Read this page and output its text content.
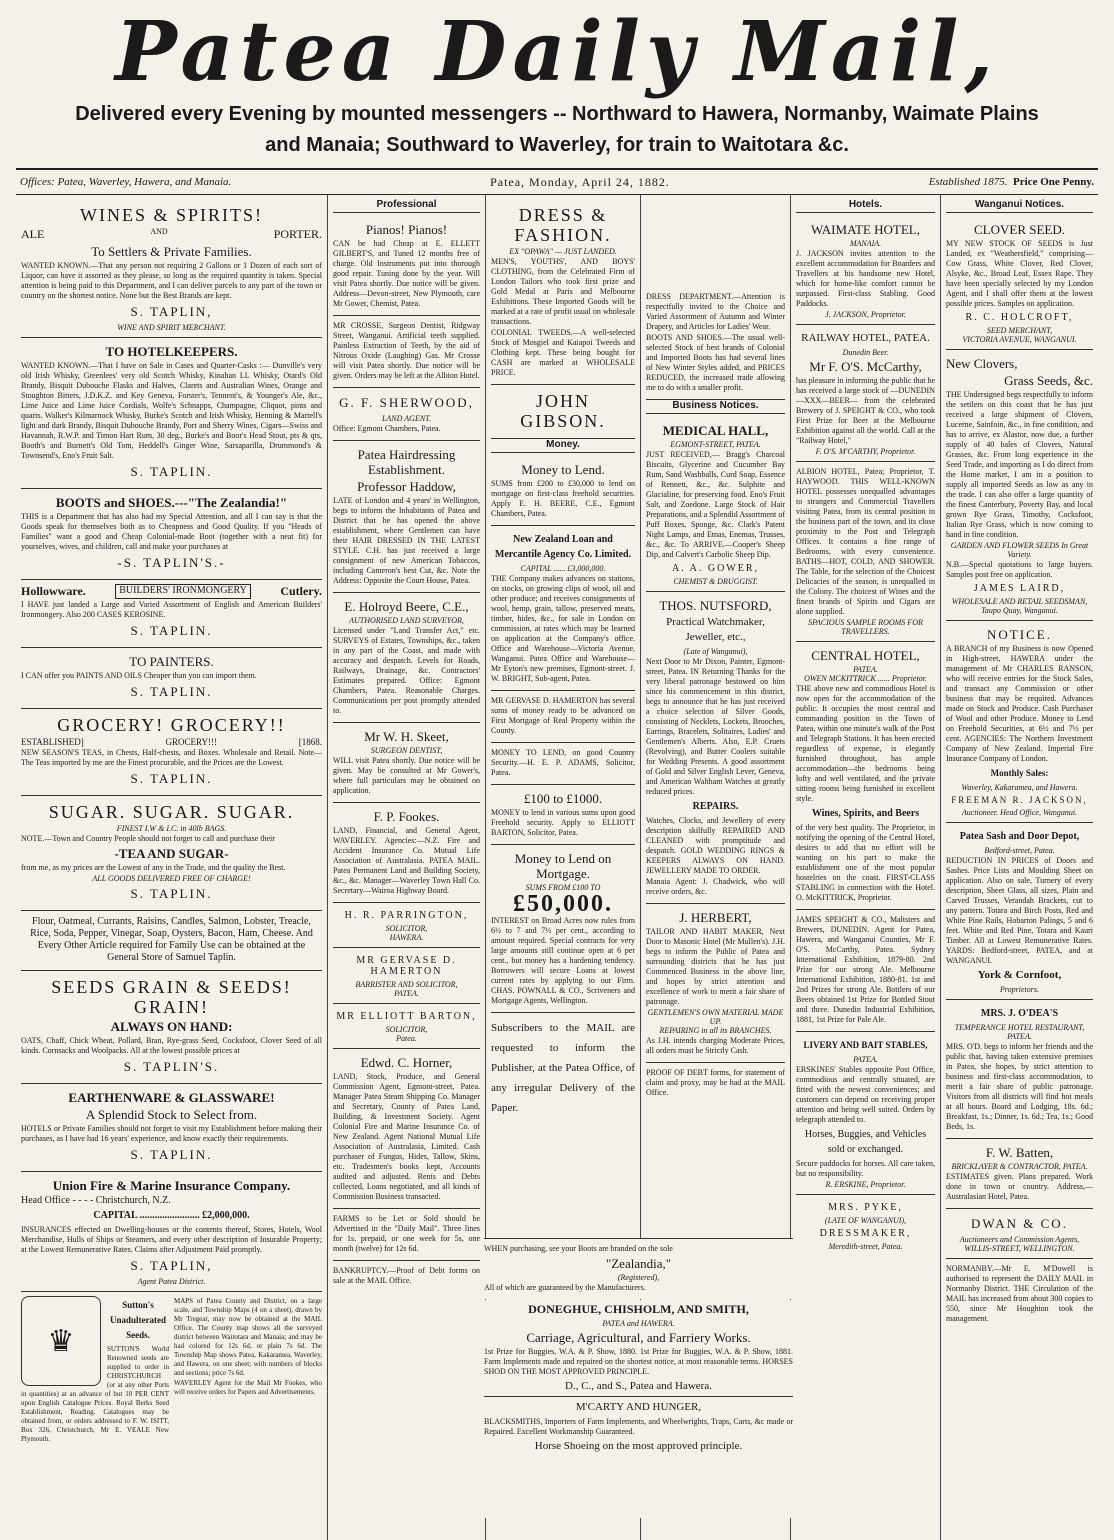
Patea Daily Mail,
Delivered every Evening by mounted messengers -- Northward to Hawera, Normanby, Waimate Plains
and Manaia; Southward to Waverley, for train to Waitotara &c.
Offices: Patea, Waverley, Hawera, and Manaia.	Patea, Monday, April 24, 1882.	Established 1875. Price One Penny.
WINES & SPIRITS!
ALE	AND	PORTER.
To Settlers & Private Families.

WANTED KNOWN.—That any person not requiring 2 Gallons or 1 Dozen of each sort of Liquor, can have it assorted as they please, so long as the required quantity is taken. Special attention is being paid to this Department, and I can deliver parcels to any part of the town or country on the shortest notice. None but the Best Brands are kept.

S. TAPLIN,
WINE AND SPIRIT MERCHANT.
TO HOTELKEEPERS.

WANTED KNOWN.—That I have on Sale in Cases and Quarter-Casks :— Dunville's very old Irish Whisky, Greenlees' very old Scotch Whisky, Kinahan LL Whisky, Otard's Old Brandy, Bisquit Dubouche Flasks and Halves, Clarets and Australian Wines, Orange and Stoughton Bitters, J.D.K.Z. and Key Geneva, Forster's, Tennent's, & Younger's Ale, &c., Lime Juice and Lime Juice Cordials, Wolfe's Schnapps, Champagne, Cliquot, pints and quarts. Walker's Kilmarnock Whisky, Burke's Scotch and Irish Whisky, Henning & Martell's light and dark Brandy, Bisquit Dubouche Brandy, Port and Sherry Wines, Cigars—Swiss and Havannah, R.W.P. and Timon Hart Rum, 30 deg., Burke's and Boor's Head Stout, pts & qts, Booth's and Burnett's Old Tom, Heddell's Ginger Wine, Sarsaparilla, Drummond's & Townsend's, Eno's Fruit Salt.

S. TAPLIN.
BOOTS and SHOES.---"The Zealandia!"

THIS is a Department that has also had my Special Attention, and all I can say is that the Goods speak for themselves both as to Cheapness and Good Quality. If you "Heads of Families" want a good and Cheap Colonial-made Boot (together with a neat fit) for yourselves, wives, and children, call and make your purchases at

-S. TAPLIN'S.-
Hollowware.	BUILDERS' IRONMONGERY	Cutlery.

I HAVE just landed a Large and Varied Assortment of English and American Builders' Ironmongery. Also 200 CASES KEROSINE.

S. TAPLIN.
TO PAINTERS.

I CAN offer you PAINTS AND OILS Cheaper than you can import them.

S. TAPLIN.
GROCERY! GROCERY!!
ESTABLISHED]	GROCERY!!!	[1868.

NEW SEASON'S TEAS, in Chests, Half-chests, and Boxes. Wholesale and Retail. Note—The Teas imported by me are the Finest procurable, and the Prices are the Lowest.

S. TAPLIN.
SUGAR. SUGAR. SUGAR.
FINEST I.W & I.C. in 40lb BAGS.

NOTE.—Town and Country People should not forget to call and purchase their

-TEA AND SUGAR-

from me, as my prices are the Lowest of any in the Trade, and the quality the Best.

ALL GOODS DELIVERED FREE OF CHARGE!
S. TAPLIN.

Flour, Oatmeal, Currants, Raisins, Candles, Salmon, Lobster, Treacle, Rice, Soda, Pepper, Vinegar, Soap, Oysters, Bacon, Ham, Cheese. And Every Other Article required for Family Use can be obtained at the General Store of Samuel Taplin.

SEEDS GRAIN & SEEDS! GRAIN!
ALWAYS ON HAND:

OATS, Chaff, Chick Wheat, Pollard, Bran, Rye-grass Seed, Cocksfoot, Clover Seed of all kinds. Cornsacks and Woolpacks. All at the lowest possible prices at

S. TAPLIN'S.
EARTHENWARE & GLASSWARE!
A Splendid Stock to Select from.

HOTELS or Private Families should not forget to visit my Establishment before making their purchases, as I have had 16 years' experience, and know exactly their requirements.

S. TAPLIN.
Union Fire & Marine Insurance Company.
Head Office - - - - Christchurch, N.Z.
CAPITAL ........................ £2,000,000.

INSURANCES effected on Dwelling-houses or the contents thereof, Stores, Hotels, Wool Merchandise, Hulls of Ships or Steamers, and every other description of Insurable Property; at the Lowest Remunerative Rates. Claims after Adjustment Paid promptly.

S. TAPLIN,
Agent Patea District.
♛
Sutton's Unadulterated Seeds.

SUTTON'S World Renowned seeds are supplied to order in CHRISTCHURCH (or at any other Ports in quantities) at an advance of but 10 PER CENT upon English Catalogue Prices. Royal Berks Seed Establishment, Reading. Catalogues may be obtained from, or orders addressed to F. W. ISITT, Box 326, Christchurch, Mr E. VEALE New Plymouth.

MAPS of Patea County and District, on a large scale, and Township Maps (4 on a sheet), drawn by Mr Tregear, may now be obtained at the MAIL Office. The County map shows all the surveyed district between Waitotara and Manaia; and may be had colored for 12s 6d, or plain 7s 6d. The Township Map shows Patea, Kakaramea, Waverley, and Hawera, on one sheet; with numbers of blocks and sections; price 7s 6d.

WAVERLEY Agent for the Mail Mr Fookes, who will receive orders for Papers and Advertisements.

Professional
Pianos! Pianos!

CAN be had Cheap at E. ELLETT GILBERT'S, and Tuned 12 months free of charge. Old Instruments put into thorough good repair. Tuning done by the year. Will visit Patea shortly. Due notice will be given. Address—Devon-street, New Plymouth, care Mr Gower, Chemist, Patea.

MR CROSSE, Surgeon Dentist, Ridgway Street, Wanganui. Artificial teeth supplied. Painless Extraction of Teeth, by the aid of Nitrous Oxide (Laughing) Gas. Mr Crosse will visit Patea shortly. Due notice will be given. Orders may be left at the Albion Hotel.

G. F. SHERWOOD,
LAND AGENT.

Office: Egmont Chambers, Patea.

Patea Hairdressing Establishment.
Professor Haddow,

LATE of London and 4 years' in Wellington, begs to inform the Inhabitants of Patea and District that he has opened the above establishment, where Gentlemen can have their HAIR DRESSED IN THE LATEST STYLE. C.H. has just received a large consignment of new American Tobaccos, including Cameron's best Cut, &c. Note the Address: Opposite the Court House, Patea.

E. Holroyd Beere, C.E.,
AUTHORISED LAND SURVEYOR,

Licensed under "Land Transfer Act," etc. SURVEYS of Estates, Townships, &c., taken in any part of the Coast, and made with accuracy and despatch. Levels for Roads, Railways, Drainage, &c. Contractors' Estimates prepared. Office: Egmont Chambers, Patea. Reasonable Charges. Communications per post promptly attended to.

Mr W. H. Skeet,
SURGEON DENTIST,

WILL visit Patea shortly. Due notice will be given. May be consulted at Mr Gower's, where full particulars may be obtained on application.

F. P. Fookes.

LAND, Financial, and General Agent, WAVERLEY. Agencies:—N.Z. Fire and Accident Insurance Co. Mutual Life Association of Australasia. PATEA MAIL. Patea Permanent Land and Building Society, &c., &c. Manager—Waverley Town Hall Co. Secretary—Wairoa Highway Board.

H. R. PARRINGTON,
SOLICITOR,
HAWERA.
MR GERVASE D. HAMERTON
BARRISTER AND SOLICITOR,
PATEA.
MR ELLIOTT BARTON,
SOLICITOR,
Patea.
Edwd. C. Horner,

LAND, Stock, Produce, and General Commission Agent, Egmont-street, Patea. Manager Patea Steam Shipping Co. Manager and Secretary, County of Patea Land, Building, & Investment Society. Agent Colonial Fire and Marine Insurance Co. of New Zealand. Agent National Mutual Life Association of Australasia, Limited. Cash purchaser of Fungus, Hides, Tallow, Skins, etc. Tradesmen's books kept, Accounts audited and adjusted. Rents and Debts collected, Loans negotiated, and all kinds of Commission Business transacted.

FARMS to be Let or Sold should be Advertised in the "Daily Mail". Three lines for 1s. prepaid, or one week for 5s, one month (twelve) for 12s 6d.

BANKRUPTCY.—Proof of Debt forms on sale at the MAIL Office.

DRESS & FASHION.
EX "OPAWA" — JUST LANDED.

MEN'S, YOUTHS', AND BOYS' CLOTHING, from the Celebrated Firm of London Tailors who took first prize and Gold Medal at Paris and Melbourne Exhibitions. These Imported Goods will be marked at a rate of profit usual on wholesale transactions.

COLONIAL TWEEDS.—A well-selected Stock of Mosgiel and Kaiapoi Tweeds and Clothing kept. These being bought for CASH are marked at WHOLESALE PRICE.

JOHN GIBSON.
Money.
Money to Lend.

SUMS from £200 to £30,000 to lend on mortgage on first-class freehold securities. Apply E. H. BEERE, C.E., Egmont Chambers, Patea.

New Zealand Loan and Mercantile Agency Co. Limited.
CAPITAL ...... £3,000,000.

THE Company makes advances on stations, on stocks, on growing clips of wool, oil and other produce; and receives consignments of wool, hemp, grain, tallow, preserved meats, timber, hides, &c., for sale in London on commission, at rates which may be learned on application at the Company's office. Office and Warehouse—Victoria Avenue, Wanganui. Patea Office and Warehouse—Mr Eyton's new premises, Egmont-street. J. W. BRIGHT, Sub-agent, Patea.

MR GERVASE D. HAMERTON has several sums of money ready to be advanced on First Mortgage of Real Property within the County.

MONEY TO LEND, on good Country Security.—H. E. P. ADAMS, Solicitor, Patea.

£100 to £1000.

MONEY to lend in various sums upon good Freehold security. Apply to ELLIOTT BARTON, Solicitor, Patea.

Money to Lend on Mortgage.
SUMS FROM £100 TO
£50,000.

INTEREST on Broad Acres now rules from 6½ to 7 and 7½ per cent., according to amount required. Special contracts for very large amounts still continue open at 6 per cent., but money has a hardening tendency. Borrowers will secure Loans at lowest current rates by applying to our Firm. CHAS. POWNALL & CO., Scriveners and Mortgage Agents, Wellington.

Subscribers to the MAIL are requested to inform the Publisher, at the Patea Office, of any irregular Delivery of the Paper.

DRESS DEPARTMENT.—Attention is respectfully invited to the Choice and Varied Assortment of Autumn and Winter Drapery, and Articles for Ladies' Wear.

BOOTS AND SHOES.—The usual well-selected Stock of best brands of Colonial and Imported Boots has had several lines of New Winter Styles added, and PRICES REDUCED, the increased trade allowing me to do with a smaller profit.

Business Notices.
MEDICAL HALL,
EGMONT-STREET, PATEA.

JUST RECEIVED,— Bragg's Charcoal Biscuits, Glycerine and Cucumber Bay Rum, Sand Washballs, Curd Soap, Essence of Rennett, &c., &c. Sulphite and Glacialine, for preserving food. Eno's Fruit Salt, and Zoedone. Large Stock of Hair Preparations, and a Splendid Assortment of Puff Boxes, Sponge, &c. Clark's Patent Night Lamps, and Etnas, Enemas, Trusses, &c., &c. To ARRIVE.—Cooper's Sheep Dip, and Calvert's Carbolic Sheep Dip.

A. A. GOWER,
CHEMIST & DRUGGIST.
THOS. NUTSFORD,
Practical Watchmaker, Jeweller, etc.,
(Late of Wanganui),

Next Door to Mr Dixon, Painter, Egmont-street, Patea. IN Returning Thanks for the very liberal patronage bestowed on him since his commencement in this district, begs to announce that he has just received a choice selection of Silver Goods, consisting of Necklets, Lockets, Brooches, Earrings, Bracelets, Solitaires, Ladies' and Gentlemen's Alberts. Also, E.P. Cruets (Revolving), and Butter Coolers suitable for Wedding Presents. A good assortment of Gold and Silver English Lever, Geneva, and American Waltham Watches at greatly reduced prices.

REPAIRS.

Watches, Clocks, and Jewellery of every description skilfully REPAIRED AND CLEANED with promptitude and despatch. GOLD WEDDING RINGS & KEEPERS ALWAYS ON HAND. JEWELLERY MADE TO ORDER.

Manaia Agent: J. Chadwick, who will receive orders, &c.

J. HERBERT,

TAILOR AND HABIT MAKER, Next Door to Masonic Hotel (Mr Mullen's). J.H. begs to inform the Public of Patea and surrounding districts that he has just Commenced Business in the above line, and hopes by strict attention and excellence of work to merit a fair share of patronage.

GENTLEMEN'S OWN MATERIAL MADE UP.
REPAIRING in all its BRANCHES.

As J.H. intends charging Moderate Prices, all orders must be Strictly Cash.

PROOF OF DEBT forms, for statement of claim and proxy, may be had at the MAIL Office.

Hotels.
WAIMATE HOTEL,
MANAIA.

J. JACKSON invites attention to the excellent accommodation for Boarders and Travellers at his handsome new Hotel, which for home-like comfort cannot be surpassed. First-class Stabling. Good Paddocks.

J. JACKSON, Proprietor.
RAILWAY HOTEL, PATEA.
Dunedin Beer.
Mr F. O'S. McCarthy,

has pleasure in informing the public that he has received a large stock of —DUNEDIN—XXX—BEER— from the celebrated Brewery of J. SPEIGHT & CO., who took First Prize for Beer at the Melbourne Exhibition against all the world. Call at the "Railway Hotel,"

F. O'S. M'CARTHY, Proprietor.

ALBION HOTEL, Patea; Proprietor, T. HAYWOOD. THIS WELL-KNOWN HOTEL possesses unequalled advantages to strangers and Commercial Travellers visiting Patea, from its central position in the business part of the town, and its close proximity to the Post and Telegraph Offices. It contains a fine range of Bedrooms, with every convenience. BATHS—HOT, COLD, AND SHOWER. The Table, for the selection of the Choicest Delicacies of the season, is unequalled in the Colony. The choicest of Wines and the finest brands of Spirits and Cigars are alone supplied.

SPACIOUS SAMPLE ROOMS FOR TRAVELLERS.
CENTRAL HOTEL,
PATEA.
OWEN MCKITTRICK ...... Proprietor.

THE above new and commodious Hotel is now open for the accommodation of the public. It occupies the most central and commanding position in the Town of Patea, within one minute's walk of the Post and Telegraph Stations. It has been erected regardless of expense, is elegantly furnished throughout, has ample accommodation—the bedrooms being lofty and well ventilated, and the private sitting rooms being furnished in excellent style.

Wines, Spirits, and Beers

of the very best quality. The Proprietor, in notifying the opening of the Central Hotel, desires to add that no effort will be wanting on his part to make the establishment one of the most popular hostelries on the coast. FIRST-CLASS STABLING in connection with the Hotel. O. McKITTRICK, Proprietor.

JAMES SPEIGHT & CO., Maltsters and Brewers, DUNEDIN. Agent for Patea, Hawera, and Wanganui Counties, Mr F. O'S. McCarthy, Patea. Sydney International Exhibition, 1879-80. 2nd Prize for our strong Ale. Melbourne International Exhibition, 1880-81. 1st and 2nd Prizes for strong Ale. Bottlers of our Beers obtained 1st Prize for Bottled Stout and three. Dunedin Industrial Exhibition, 1881, 1st Prize for Pale Ale.

LIVERY AND BAIT STABLES,
PATEA.

ERSKINES' Stables opposite Post Office, commodious and centrally situated, are fitted with the newest conveniences; and customers can depend on receiving proper attention and being well suited. Orders by telegraph attended to.

Horses, Buggies, and Vehicles sold or exchanged.

Secure paddocks for horses. All care taken, but no responsibility.

R. ERSKINE, Proprietor.
MRS. PYKE,
(LATE OF WANGANUI),
DRESSMAKER,
Meredith-street, Patea.
Wanganui Notices.
CLOVER SEED.

MY NEW STOCK OF SEEDS is Just Landed, ex "Weathersfield," comprising— Cow Grass, White Clover, Red Clover, Alsyke, &c., Broad Leaf, Essex Rape. They have been specially selected by my London Agent, and I shall offer them at the lowest possible prices. Samples on application.

R. C. HOLCROFT,
SEED MERCHANT,
VICTORIA AVENUE, WANGANUI.
New Clovers,
Grass Seeds, &c.

THE Undersigned begs respectfully to inform the settlers on this coast that he has just received a large shipment of Clovers, Lucerne, Sainfoin, &c., in fine condition, and has to arrive, ex Alastor, now due, a further supply of 40 bales of Clovers, Natural Grasses, &c. From long experience in the Seed Trade, and importing as I do direct from the Home market, I am in a position to supply all imported Seeds as low as any in the trade. I can also offer a large quantity of the finest Canterbury, Poverty Bay, and local grown Rye Grass, Timothy, Cocksfoot, Italian Rye Grass, which is now coming to hand in fine condition.

GARDEN AND FLOWER SEEDS In Great Variety.

N.B.—Special quotations to large buyers. Samples post free on application.

JAMES LAIRD,
WHOLESALE AND RETAIL SEEDSMAN, Taupo Quay, Wanganui.
NOTICE.

A BRANCH of my Business is now Opened in High-street, HAWERA under the management of Mr CHARLES RANSON, who will receive entries for the Stock Sales, and transact any Commission or other business that may be required. Advances made on Stock and Produce. Cash Purchaser of Wool and other Produce. Money to Lend on Freehold Securities, at 6½ and 7½ per cent. AGENCIES: The Northern Investment Company of New Zealand. Imperial Fire Insurance Company of London.

Monthly Sales:
Waverley, Kakaramea, and Hawera.
FREEMAN R. JACKSON,
Auctioneer. Head Office, Wanganui.
Patea Sash and Door Depot,
Bedford-street, Patea.

REDUCTION IN PRICES of Doors and Sashes. Price Lists and Moulding Sheet on application. Also on sale, Turnery of every description, Sheet Glass, all sizes, Plain and Carved Trusses, Verandah Brackets, cut to any pattern. Totara and Birch Posts, Red and White Pine Rails, Hobarton Palings, 5 and 6 feet. White and Red Pine, Totara and Kauri Timber. All at Lowest Remunerative Rates. YARDS: Bedford-street, PATEA, and at WANGANUI.

York & Cornfoot,
Proprietors.
MRS. J. O'DEA'S
TEMPERANCE HOTEL RESTAURANT, PATEA.

MRS. O'D. begs to inform her friends and the public that, having taken extensive premises in Patea, she hopes, by strict attention to business and first-class accommodation, to merit a fair share of public patronage. Visitors from all districts will find hot meals at all hours. Board and Lodging, 18s. 6d.; Breakfast, 1s.; Dinner, 1s. 6d.; Tea, 1s.; Good Beds, 1s.

F. W. Batten,
BRICKLAYER & CONTRACTOR, PATEA.

ESTIMATES given. Plans prepared. Work done in town or country. Address,—Australasian Hotel, Patea.

DWAN & CO.
Auctioneers and Commission Agents, WILLIS-STREET, WELLINGTON.

NORMANBY.—Mr E. M'Dowell is authorised to represent the DAILY MAIL in Normanby District. THE Circulation of the MAIL has increased from about 300 copies to 550, since Mr Houghton took the management.

WHEN purchasing, see your Boots are branded on the sole

"Zealandia,"
(Registered),

All of which are guaranteed by the Manufacturers.

DONEGHUE, CHISHOLM, AND SMITH,
PATEA and HAWERA.
Carriage, Agricultural, and Farriery Works.

1st Prize for Buggies, W.A. & P. Show, 1880. 1st Prize for Buggies, W.A. & P. Show, 1881. Farm Implements made and repaired on the shortest notice, at most reasonable terms. HORSES SHOD ON THE MOST APPROVED PRINCIPLE.

D., C., and S., Patea and Hawera.
M'CARTY AND HUNGER,

BLACKSMITHS, Importers of Farm Implements, and Wheelwrights, Traps, Carts, &c made or Repaired. Excellent Workmanship Guaranteed.

Horse Shoeing on the most approved principle.
